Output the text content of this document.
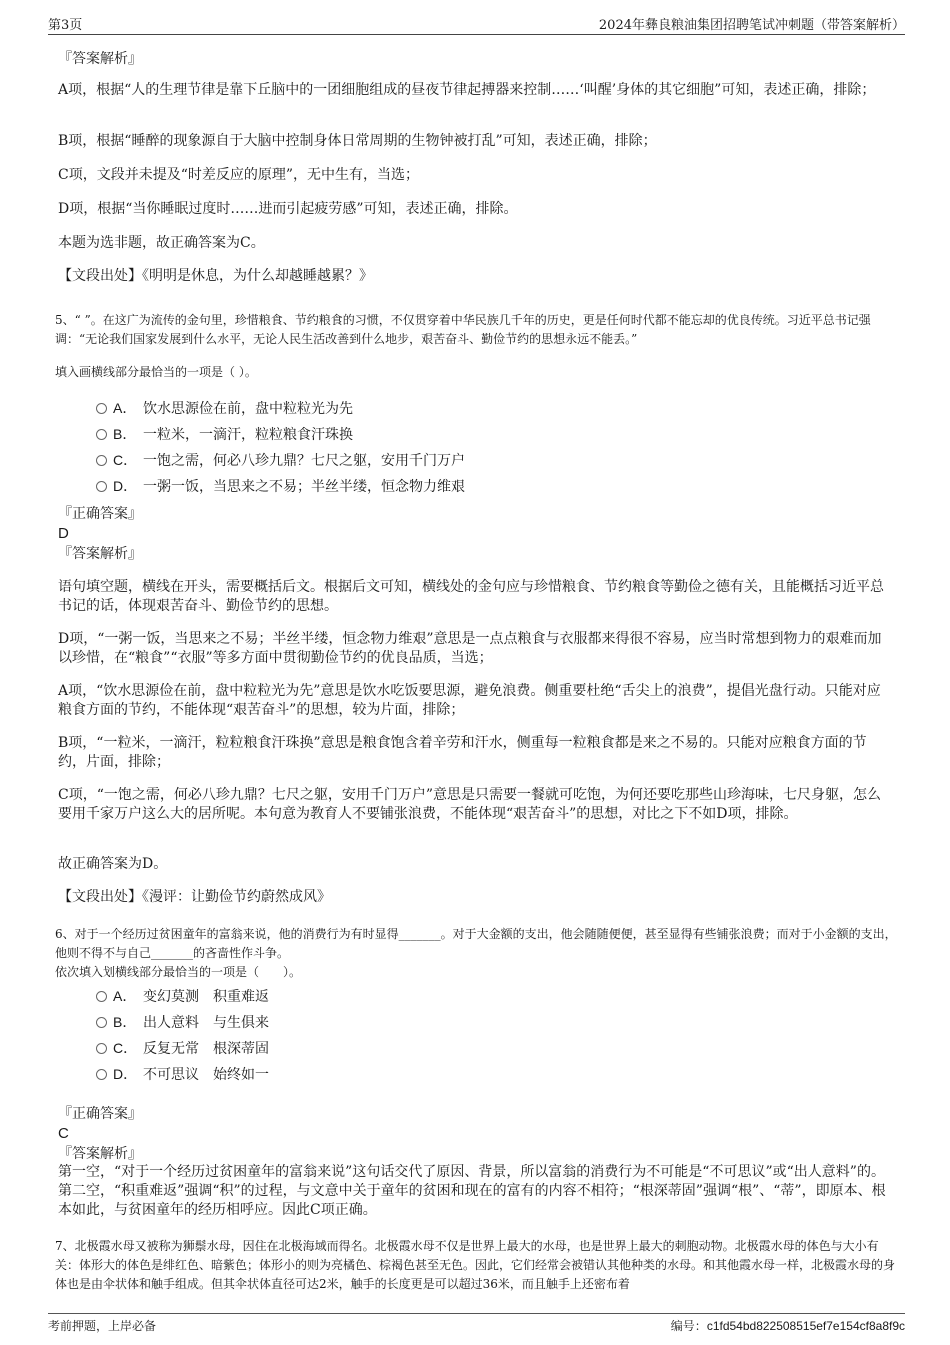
第3页	2024年彝良粮油集团招聘笔试冲刺题（带答案解析）

『答案解析』

A项，根据“人的生理节律是靠下丘脑中的一团细胞组成的昼夜节律起搏器来控制……‘叫醒’身体的其它细胞”可知，表述正确，排除；

B项，根据“睡醉的现象源自于大脑中控制身体日常周期的生物钟被打乱”可知，表述正确，排除；

C项，文段并未提及“时差反应的原理”，无中生有，当选；

D项，根据“当你睡眠过度时……进而引起疲劳感”可知，表述正确，排除。

本题为选非题，故正确答案为C。

【文段出处】《明明是休息，为什么却越睡越累？》

5、“ ”。在这广为流传的金句里，珍惜粮食、节约粮食的习惯，不仅贯穿着中华民族几千年的历史，更是任何时代都不能忘却的优良传统。习近平总书记强调：“无论我们国家发展到什么水平，无论人民生活改善到什么地步，艰苦奋斗、勤俭节约的思想永远不能丢。”

填入画横线部分最恰当的一项是（ ）。

A． 饮水思源俭在前，盘中粒粒光为先
B． 一粒米，一滴汗，粒粒粮食汗珠换
C． 一饱之需，何必八珍九鼎？七尺之躯，安用千门万户
D． 一粥一饭，当思来之不易；半丝半缕，恒念物力维艰

『正确答案』

D

『答案解析』

语句填空题，横线在开头，需要概括后文。根据后文可知，横线处的金句应与珍惜粮食、节约粮食等勤俭之德有关，且能概括习近平总书记的话，体现艰苦奋斗、勤俭节约的思想。

D项，“一粥一饭，当思来之不易；半丝半缕，恒念物力维艰”意思是一点点粮食与衣服都来得很不容易，应当时常想到物力的艰难而加以珍惜，在“粮食”“衣服”等多方面中贯彻勤俭节约的优良品质，当选；

A项，“饮水思源俭在前，盘中粒粒光为先”意思是饮水吃饭要思源，避免浪费。侧重要杜绝“舌尖上的浪费”，提倡光盘行动。只能对应粮食方面的节约，不能体现“艰苦奋斗”的思想，较为片面，排除；

B项，“一粒米，一滴汗，粒粒粮食汗珠换”意思是粮食饱含着辛劳和汗水，侧重每一粒粮食都是来之不易的。只能对应粮食方面的节约，片面，排除；

C项，“一饱之需，何必八珍九鼎？七尺之躯，安用千门万户”意思是只需要一餐就可吃饱，为何还要吃那些山珍海味，七尺身躯，怎么要用千家万户这么大的居所呢。本句意为教育人不要铺张浪费，不能体现“艰苦奋斗”的思想，对比之下不如D项，排除。

故正确答案为D。

【文段出处】《漫评：让勤俭节约蔚然成风》

6、对于一个经历过贫困童年的富翁来说，他的消费行为有时显得_______。对于大金额的支出，他会随随便便，甚至显得有些铺张浪费；而对于小金额的支出，他则不得不与自己_______的吝啬性作斗争。

依次填入划横线部分最恰当的一项是（　　）。

A． 变幻莫测　积重难返
B． 出人意料　与生俱来
C． 反复无常　根深蒂固
D． 不可思议　始终如一

『正确答案』

C

『答案解析』

第一空，“对于一个经历过贫困童年的富翁来说”这句话交代了原因、背景，所以富翁的消费行为不可能是“不可思议”或“出人意料”的。第二空，“积重难返”强调“积”的过程，与文意中关于童年的贫困和现在的富有的内容不相符；“根深蒂固”强调“根”、“蒂”，即原本、根本如此，与贫困童年的经历相呼应。因此C项正确。

7、北极霞水母又被称为狮鬃水母，因住在北极海域而得名。北极霞水母不仅是世界上最大的水母，也是世界上最大的刺胞动物。北极霞水母的体色与大小有关：体形大的体色是绯红色、暗紫色；体形小的则为亮橘色、棕褐色甚至无色。因此，它们经常会被错认其他种类的水母。和其他霞水母一样，北极霞水母的身体也是由伞状体和触手组成。但其伞状体直径可达2米，触手的长度更是可以超过36米，而且触手上还密布着

考前押题，上岸必备	编号：c1fd54bd822508515ef7e154cf8a8f9c
